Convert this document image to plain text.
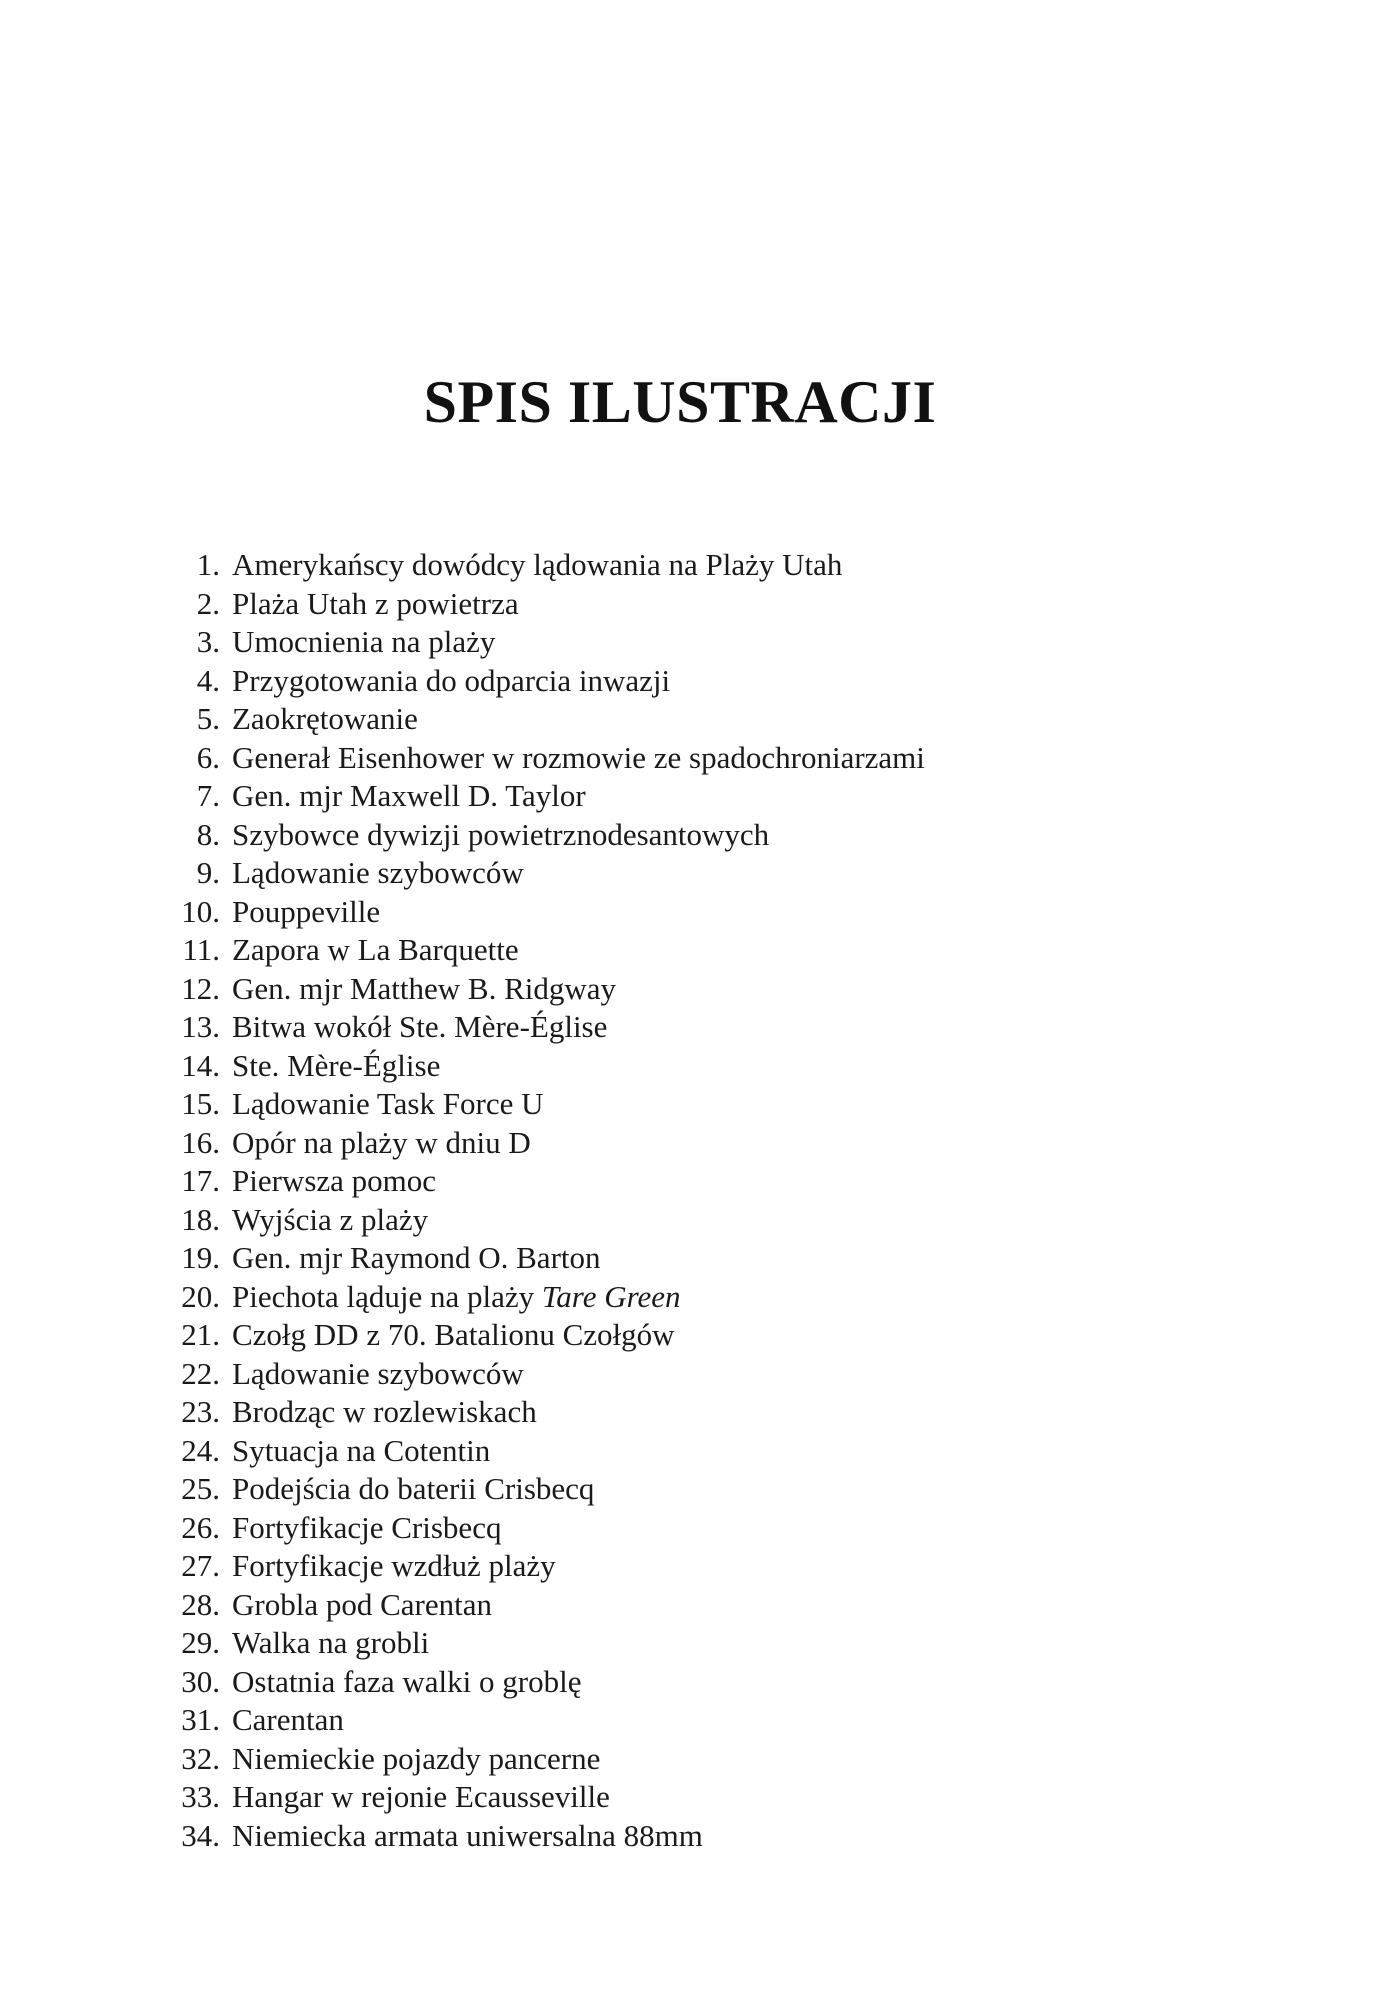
SPIS ILUSTRACJI
1. Amerykańscy dowódcy lądowania na Plaży Utah
2. Plaża Utah z powietrza
3. Umocnienia na plaży
4. Przygotowania do odparcia inwazji
5. Zaokrętowanie
6. Generał Eisenhower w rozmowie ze spadochroniarzami
7. Gen. mjr Maxwell D. Taylor
8. Szybowce dywizji powietrznodesantowych
9. Lądowanie szybowców
10. Pouppeville
11. Zapora w La Barquette
12. Gen. mjr Matthew B. Ridgway
13. Bitwa wokół Ste. Mère-Église
14. Ste. Mère-Église
15. Lądowanie Task Force U
16. Opór na plaży w dniu D
17. Pierwsza pomoc
18. Wyjścia z plaży
19. Gen. mjr Raymond O. Barton
20. Piechota ląduje na plaży Tare Green
21. Czołg DD z 70. Batalionu Czołgów
22. Lądowanie szybowców
23. Brodząc w rozlewiskach
24. Sytuacja na Cotentin
25. Podejścia do baterii Crisbecq
26. Fortyfikacje Crisbecq
27. Fortyfikacje wzdłuż plaży
28. Grobla pod Carentan
29. Walka na grobli
30. Ostatnia faza walki o groblę
31. Carentan
32. Niemieckie pojazdy pancerne
33. Hangar w rejonie Ecausseville
34. Niemiecka armata uniwersalna 88mm
